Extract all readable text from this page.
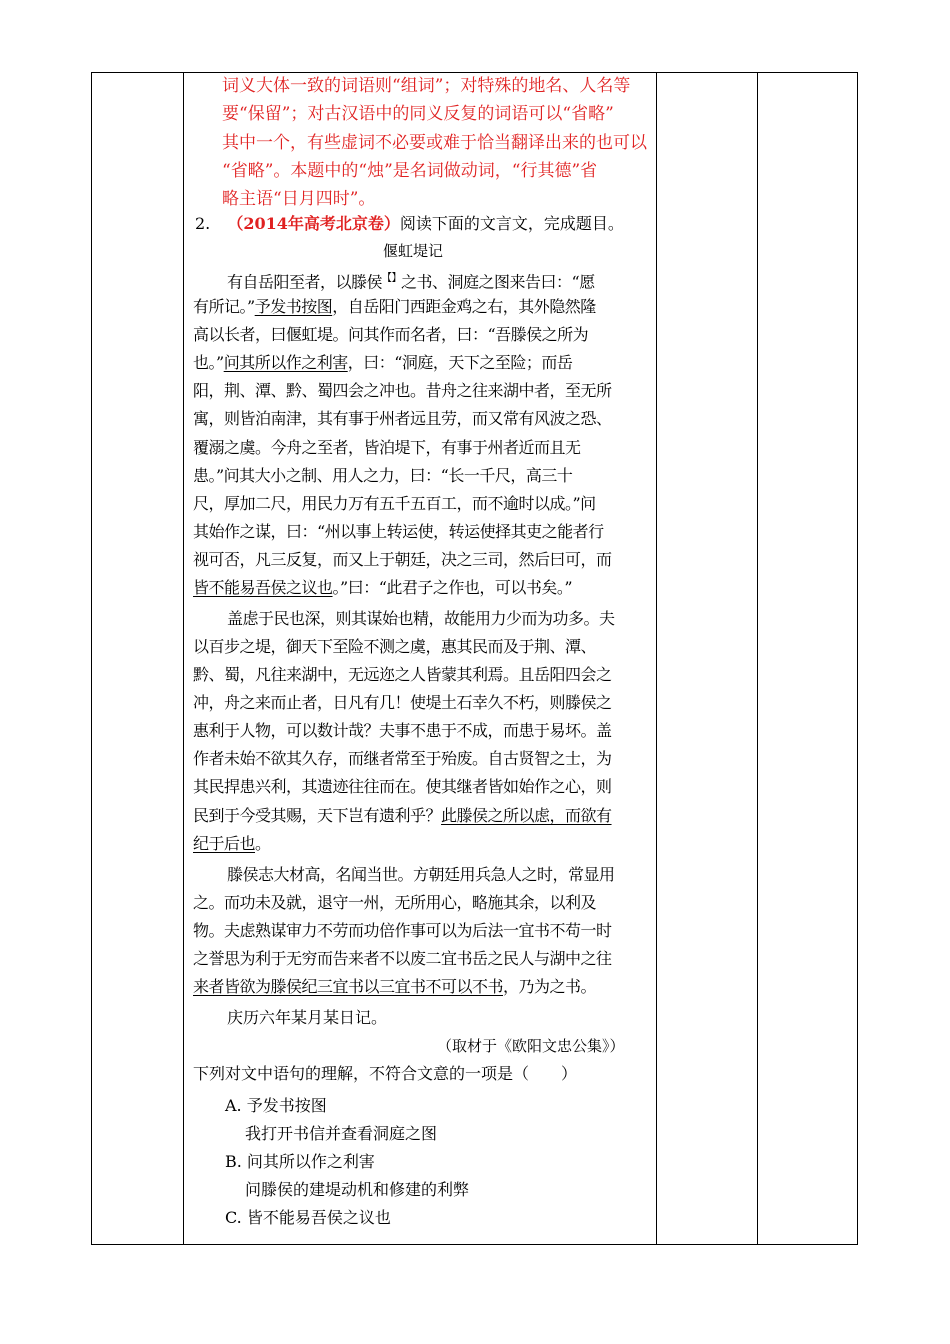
词义大体一致的词语则“组词”；对特殊的地名、人名等
要“保留”；对古汉语中的同义反复的词语可以“省略”
其中一个，有些虚词不必要或难于恰当翻译出来的也可以
“省略”。本题中的“烛”是名词做动词，“行其德”省
略主语“日月四时”。
2. （2014年高考北京卷）阅读下面的文言文，完成题目。
偃虹堤记
有自岳阳至者，以滕侯【】之书、洞庭之图来告曰：“愿
有所记。”予发书按图，自岳阳门西距金鸡之右，其外隐然隆
高以长者，曰偃虹堤。问其作而名者，曰：“吾滕侯之所为
也。”问其所以作之利害，曰：“洞庭，天下之至险；而岳
阳，荆、潭、黔、蜀四会之冲也。昔舟之往来湖中者，至无所
寓，则皆泊南津，其有事于州者远且劳，而又常有风波之恐、
覆溺之虞。今舟之至者，皆泊堤下，有事于州者近而且无
患。”问其大小之制、用人之力，曰：“长一千尺，高三十
尺，厚加二尺，用民力万有五千五百工，而不逾时以成。”问
其始作之谋，曰：“州以事上转运使，转运使择其吏之能者行
视可否，凡三反复，而又上于朝廷，决之三司，然后曰可，而
皆不能易吾侯之议也。”曰：“此君子之作也，可以书矣。”
盖虑于民也深，则其谋始也精，故能用力少而为功多。夫
以百步之堤，御天下至险不测之虞，惠其民而及于荆、潭、
黔、蜀，凡往来湖中，无远迩之人皆蒙其利焉。且岳阳四会之
冲，舟之来而止者，日凡有几！使堤土石幸久不朽，则滕侯之
惠利于人物，可以数计哉？夫事不患于不成，而患于易坏。盖
作者未始不欲其久存，而继者常至于殆废。自古贤智之士，为
其民捍患兴利，其遗迹往往而在。使其继者皆如始作之心，则
民到于今受其赐，天下岂有遗利乎？此滕侯之所以虑，而欲有
纪于后也。
滕侯志大材高，名闻当世。方朝廷用兵急人之时，常显用
之。而功未及就，退守一州，无所用心，略施其余，以利及
物。夫虑熟谋审力不劳而功倍作事可以为后法一宜书不苟一时
之誉思为利于无穷而告来者不以废二宜书岳之民人与湖中之往
来者皆欲为滕侯纪三宜书以三宜书不可以不书，乃为之书。
庆历六年某月某日记。
（取材于《欧阳文忠公集》）
下列对文中语句的理解，不符合文意的一项是（　　）
A. 予发书按图
我打开书信并查看洞庭之图
B. 问其所以作之利害
问滕侯的建堤动机和修建的利弊
C. 皆不能易吾侯之议也
